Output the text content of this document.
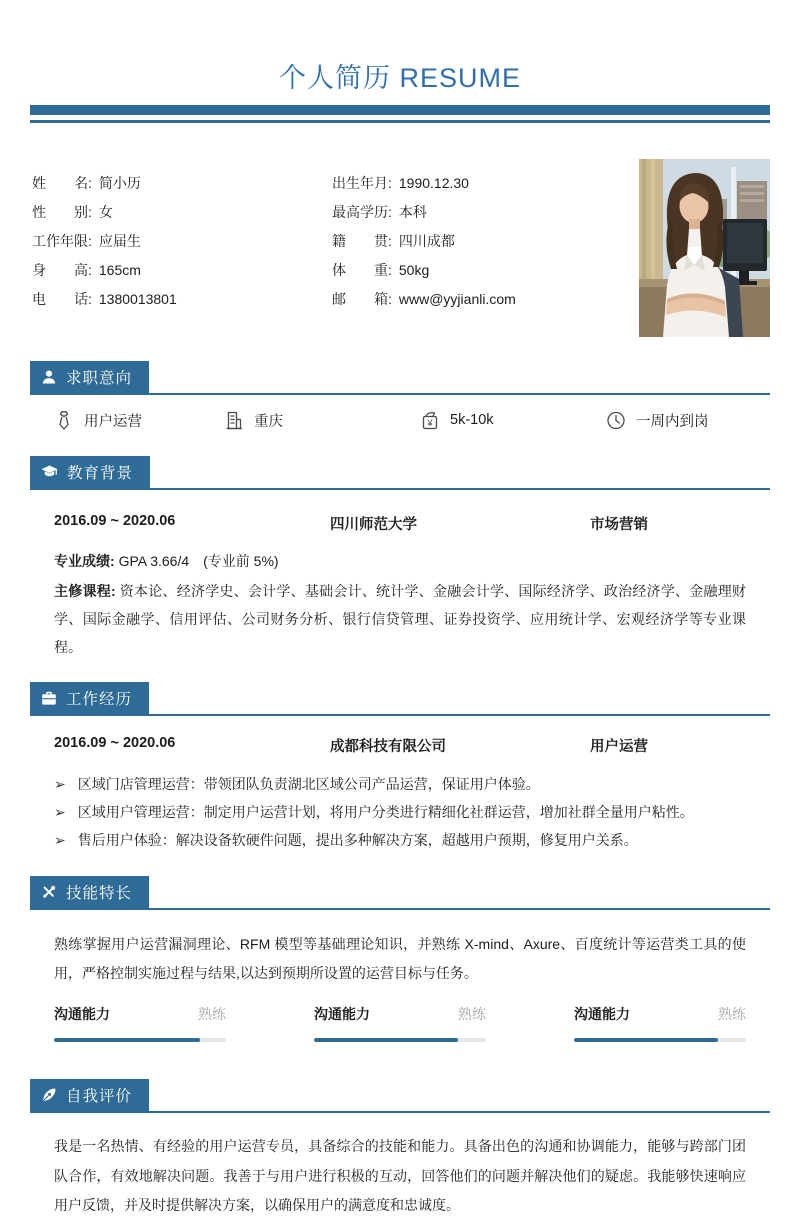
个人简历 RESUME
姓　　名: 简小历
性　　别: 女
工作年限: 应届生
身　　高: 165cm
电　　话: 1380013801
出生年月: 1990.12.30
最高学历: 本科
籍　　贯: 四川成都
体　　重: 50kg
邮　　箱: www@yyjianli.com
求职意向
用户运营	重庆	¥ 5k-10k	一周内到岗
教育背景
2016.09 ~ 2020.06	四川师范大学	市场营销
专业成绩: GPA 3.66/4　(专业前 5%)
主修课程: 资本论、经济学史、会计学、基础会计、统计学、金融会计学、国际经济学、政治经济学、金融理财学、国际金融学、信用评估、公司财务分析、银行信贷管理、证券投资学、应用统计学、宏观经济学等专业课程。
工作经历
2016.09 ~ 2020.06	成都科技有限公司	用户运营
➢ 区域门店管理运营：带领团队负责湖北区域公司产品运营，保证用户体验。
➢ 区域用户管理运营：制定用户运营计划，将用户分类进行精细化社群运营，增加社群全量用户粘性。
➢ 售后用户体验：解决设备软硬件问题，提出多种解决方案，超越用户预期，修复用户关系。
技能特长
熟练掌握用户运营漏洞理论、RFM 模型等基础理论知识，并熟练 X-mind、Axure、百度统计等运营类工具的使用，严格控制实施过程与结果,以达到预期所设置的运营目标与任务。
沟通能力	熟练	沟通能力	熟练	沟通能力	熟练
自我评价
我是一名热情、有经验的用户运营专员，具备综合的技能和能力。具备出色的沟通和协调能力，能够与跨部门团队合作，有效地解决问题。我善于与用户进行积极的互动，回答他们的问题并解决他们的疑虑。我能够快速响应用户反馈，并及时提供解决方案，以确保用户的满意度和忠诚度。
